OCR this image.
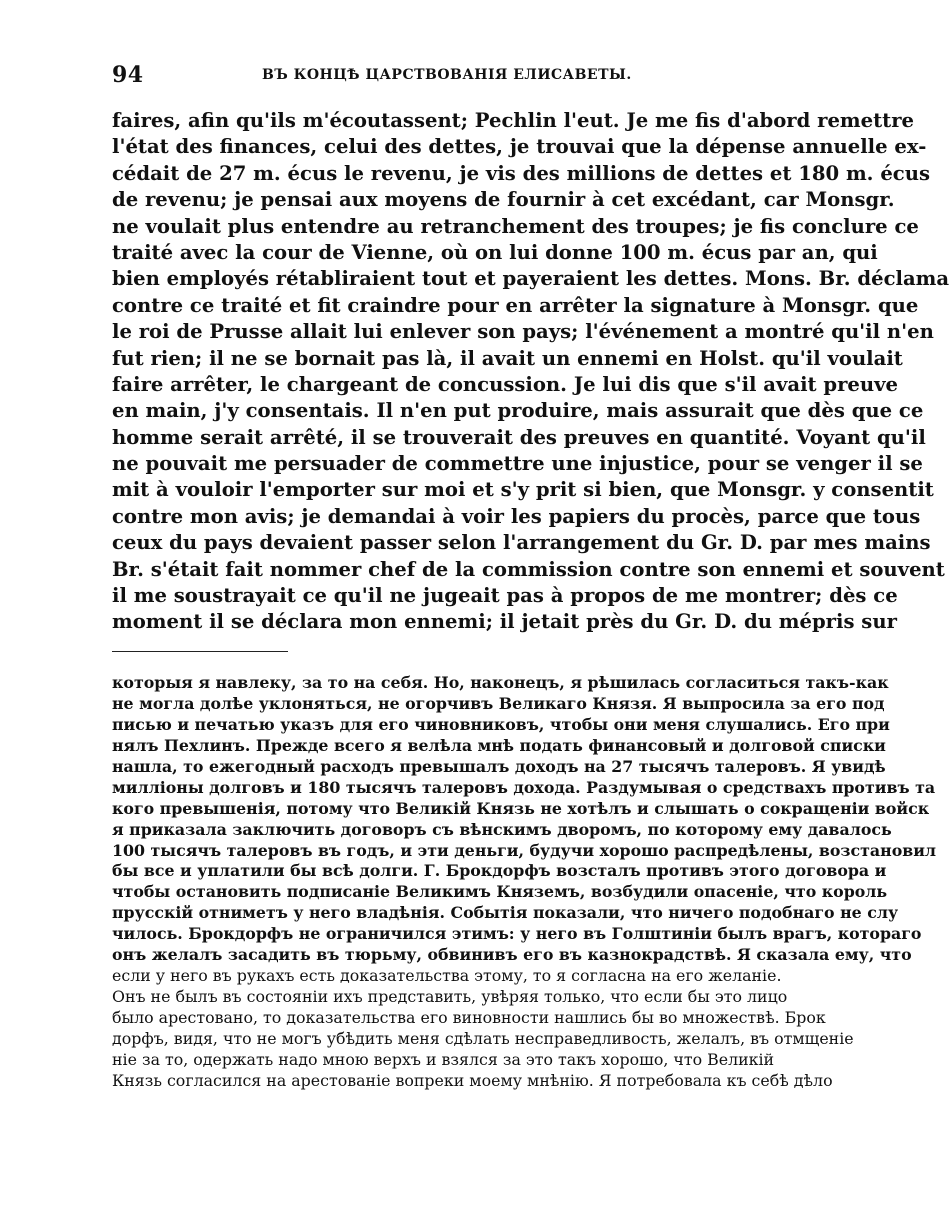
94	ВЪ КОНЦѢ ЦАРСТВОВАНІЯ ЕЛИСАВЕТЫ.
faires, afin qu'ils m'écoutassent; Pechlin l'eut. Je me fis d'abord remettre
l'état des finances, celui des dettes, je trouvai que la dépense annuelle ex-
cédait de 27 m. écus le revenu, je vis des millions de dettes et 180 m. écus
de revenu; je pensai aux moyens de fournir à cet excédant, car Monsgr.
ne voulait plus entendre au retranchement des troupes; je fis conclure ce
traité avec la cour de Vienne, où on lui donne 100 m. écus par an, qui
bien employés rétabliraient tout et payeraient les dettes. Mons. Br. déclama
contre ce traité et fit craindre pour en arrêter la signature à Monsgr. que
le roi de Prusse allait lui enlever son pays; l'événement a montré qu'il n'en
fut rien; il ne se bornait pas là, il avait un ennemi en Holst. qu'il voulait
faire arrêter, le chargeant de concussion. Je lui dis que s'il avait preuve
en main, j'y consentais. Il n'en put produire, mais assurait que dès que ce
homme serait arrêté, il se trouverait des preuves en quantité. Voyant qu'il
ne pouvait me persuader de commettre une injustice, pour se venger il se
mit à vouloir l'emporter sur moi et s'y prit si bien, que Monsgr. y consentit
contre mon avis; je demandai à voir les papiers du procès, parce que tous
ceux du pays devaient passer selon l'arrangement du Gr. D. par mes mains
Br. s'était fait nommer chef de la commission contre son ennemi et souvent
il me soustrayait ce qu'il ne jugeait pas à propos de me montrer; dès ce
moment il se déclara mon ennemi; il jetait près du Gr. D. du mépris sur
которыя я навлеку, за то на себя. Но, наконецъ, я рѣшилась согласиться такъ-как
не могла долѣе уклоняться, не огорчивъ Великаго Князя. Я выпросила за его под
писью и печатью указъ для его чиновниковъ, чтобы они меня слушались. Его при
нялъ Пехлинъ. Прежде всего я велѣла мнѣ подать финансовый и долговой списки
нашла, то ежегодный расходъ превышалъ доходъ на 27 тысячъ талеровъ. Я увидѣ
милліоны долговъ и 180 тысячъ талеровъ дохода. Раздумывая о средствахъ противъ та
кого превышенія, потому что Великій Князь не хотѣлъ и слышать о сокращеніи войск
я приказала заключить договоръ съ вѣнскимъ дворомъ, по которому ему давалось
100 тысячъ талеровъ въ годъ, и эти деньги, будучи хорошо распредѣлены, возстановил
бы все и уплатили бы всѣ долги. Г. Брокдорфъ возсталъ противъ этого договора и
чтобы остановить подписаніе Великимъ Княземъ, возбудили опасеніе, что король
прусскій отниметъ у него владѣнія. Событія показали, что ничего подобнаго не слу
чилось. Брокдорфъ не ограничился этимъ: у него въ Голштиніи былъ врагъ, котораго
онъ желалъ засадить въ тюрьму, обвинивъ его въ казнокрадствѣ. Я сказала ему, что
если у него въ рукахъ есть доказательства этому, то я согласна на его желаніе.
Онъ не былъ въ состояніи ихъ представить, увѣряя только, что если бы это лицо
было арестовано, то доказательства его виновности нашлись бы во множествѣ. Брок
дорфъ, видя, что не могъ убѣдить меня сдѣлать несправедливость, желалъ, въ отмщеніе
ніе за то, одержать надо мною верхъ и взялся за это такъ хорошо, что Великій
Князь согласился на арестованіе вопреки моему мнѣнію. Я потребовала къ себѣ дѣло
